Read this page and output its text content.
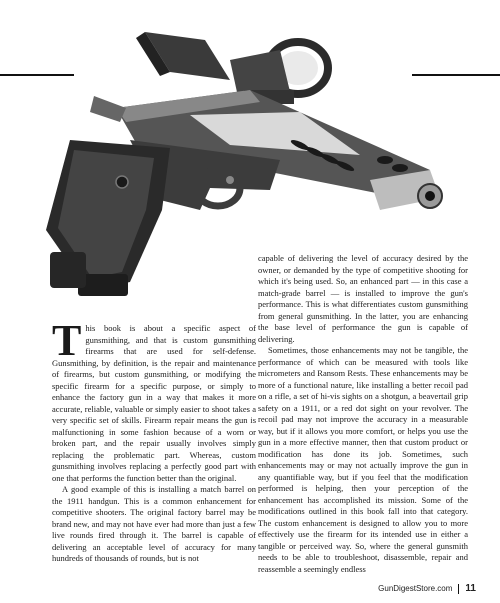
This book is about a specific aspect of gunsmithing, and that is custom gunsmithing firearms that are used for self-defense. Gunsmithing, by definition, is the repair and maintenance of firearms, but custom gunsmithing, or modifying the specific firearm for a specific purpose, or simply to enhance the factory gun in a way that makes it more accurate, reliable, valuable or simply easier to shoot takes a very specific set of skills. Firearm repair means the gun is malfunctioning in some fashion because of a worn or broken part, and the repair usually involves simply replacing the problematic part. Whereas, custom gunsmithing involves replacing a perfectly good part with one that performs the function better than the original.

A good example of this is installing a match barrel on the 1911 handgun. This is a common enhancement for competitive shooters. The original factory barrel may be brand new, and may not have ever had more than just a few live rounds fired through it. The barrel is capable of delivering an acceptable level of accuracy for many hundreds of thousands of rounds, but is not

capable of delivering the level of accuracy desired by the owner, or demanded by the type of competitive shooting for which it's being used. So, an enhanced part — in this case a match-grade barrel — is installed to improve the gun's performance. This is what differentiates custom gunsmithing from general gunsmithing. In the latter, you are enhancing the base level of performance the gun is capable of delivering.

Sometimes, those enhancements may not be tangible, the performance of which can be measured with tools like micrometers and Ransom Rests. These enhancements may be more of a functional nature, like installing a better recoil pad on a rifle, a set of hi-vis sights on a shotgun, a beavertail grip safety on a 1911, or a red dot sight on your revolver. The recoil pad may not improve the accuracy in a measurable way, but if it allows you more comfort, or helps you use the gun in a more effective manner, then that custom product or modification has done its job. Sometimes, such enhancements may or may not actually improve the gun in any quantifiable way, but if you feel that the modification performed is helping, then your perception of the enhancement has accomplished its mission. Some of the modifications outlined in this book fall into that category. The custom enhancement is designed to allow you to more effectively use the firearm for its intended use in either a tangible or perceived way. So, where the general gunsmith needs to be able to troubleshoot, disassemble, repair and reassemble a seemingly endless

GunDigestStore.com 11
